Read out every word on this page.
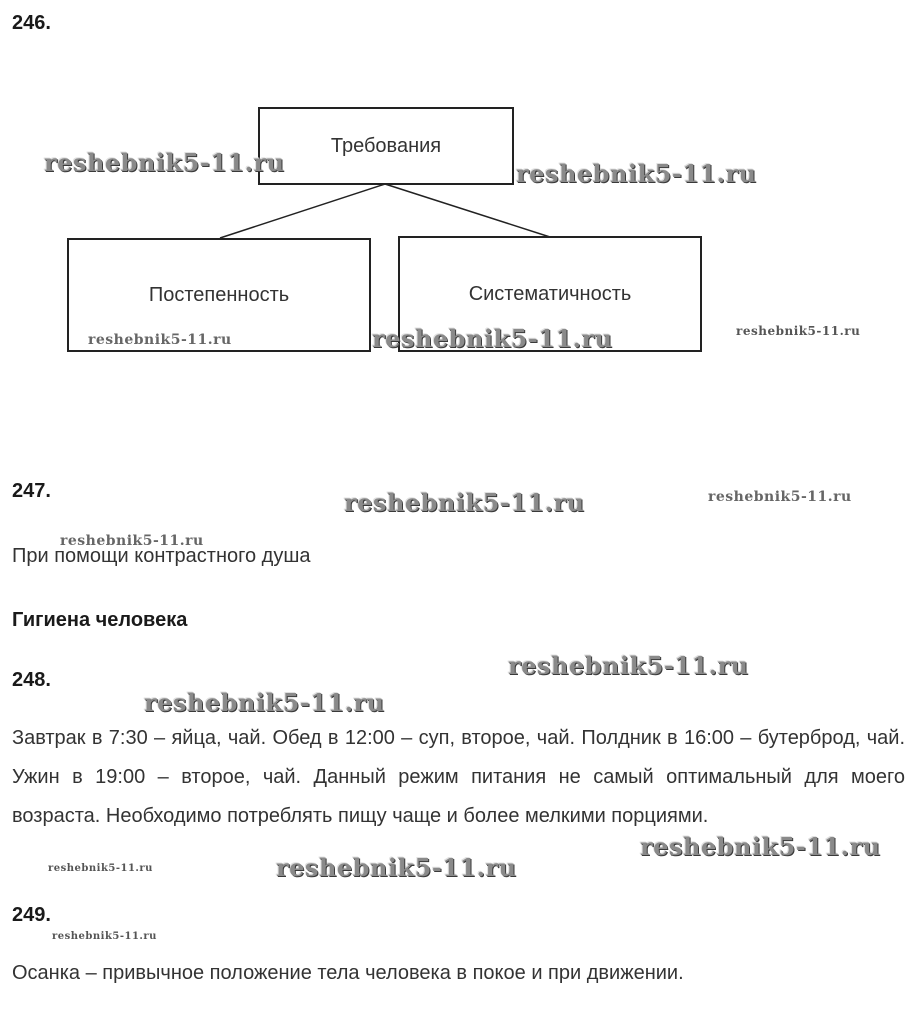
246.

Требования
Постепенность	Систематичность

247.

При помощи контрастного душа

Гигиена человека

248.

Завтрак в 7:30 – яйца, чай. Обед в 12:00 – суп, второе, чай. Полдник в 16:00 – бутерброд, чай. Ужин в 19:00 – второе, чай. Данный режим питания не самый оптимальный для моего возраста. Необходимо потреблять пищу чаще и более мелкими порциями.

249.

Осанка – привычное положение тела человека в покое и при движении.

reshebnik5-11.ru	reshebnik5-11.ru
reshebnik5-11.ru	reshebnik5-11.ru	reshebnik5-11.ru
reshebnik5-11.ru	reshebnik5-11.ru
reshebnik5-11.ru
reshebnik5-11.ru
reshebnik5-11.ru
reshebnik5-11.ru
reshebnik5-11.ru
reshebnik5-11.ru
reshebnik5-11.ru
